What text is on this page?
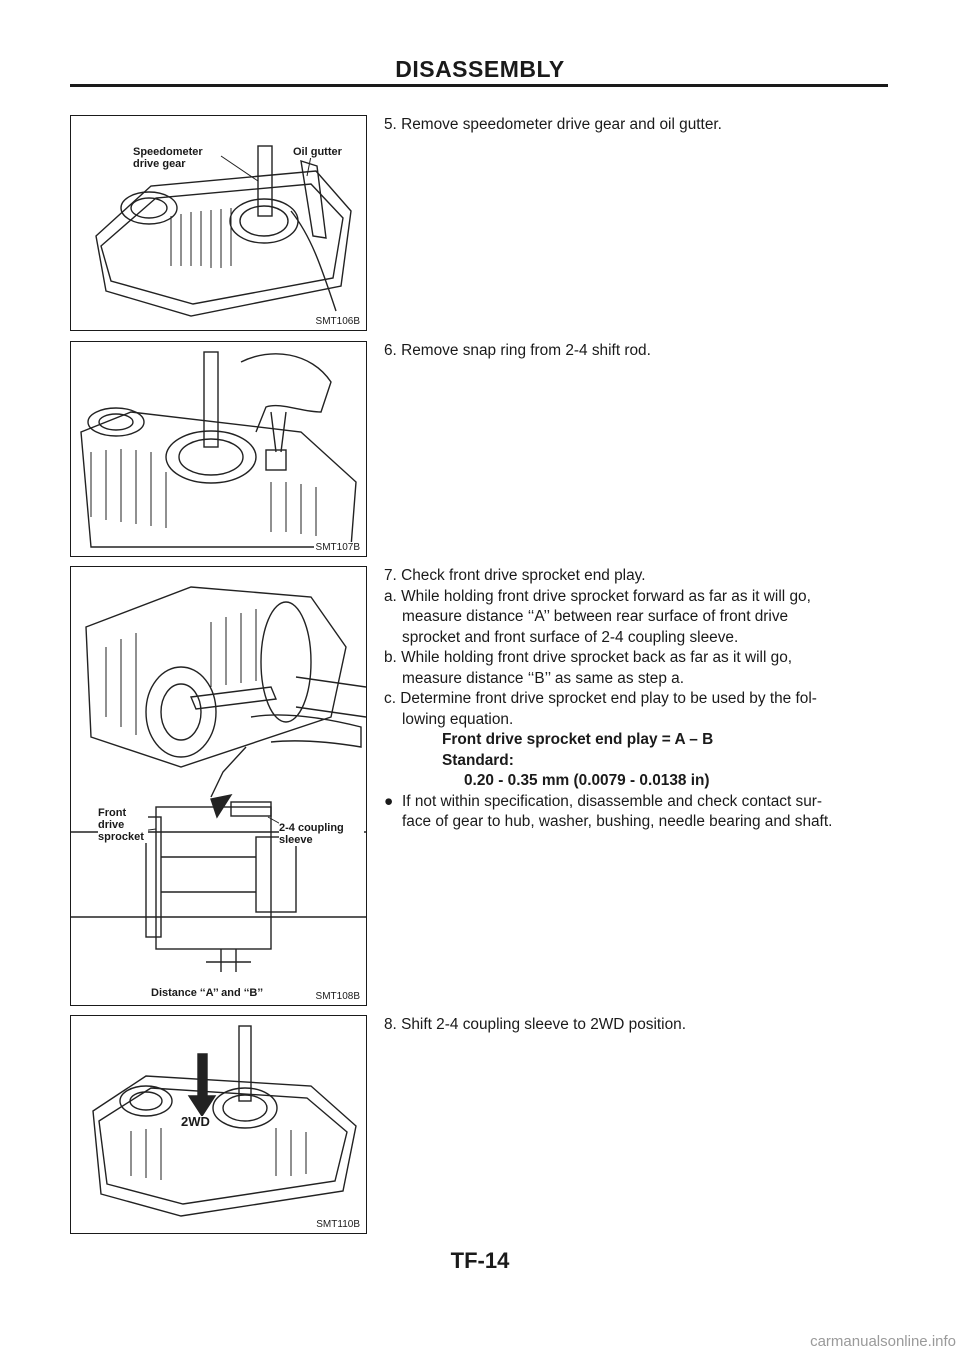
DISASSEMBLY
Speedometer drive gear
Oil gutter
SMT106B
SMT107B
Front drive sprocket
2-4 coupling sleeve
Distance ‘‘A’’ and ‘‘B’’	SMT108B
2WD
SMT110B

5. Remove speedometer drive gear and oil gutter.

6. Remove snap ring from 2-4 shift rod.

7. Check front drive sprocket end play.

a. While holding front drive sprocket forward as far as it will go,

measure distance ‘‘A’’ between rear surface of front drive

sprocket and front surface of 2-4 coupling sleeve.

b. While holding front drive sprocket back as far as it will go,

measure distance ‘‘B’’ as same as step a.

c. Determine front drive sprocket end play to be used by the fol-

lowing equation.

Front drive sprocket end play = A – B

Standard:

0.20 - 0.35 mm (0.0079 - 0.0138 in)

● If not within specification, disassemble and check contact sur-

face of gear to hub, washer, bushing, needle bearing and shaft.

8. Shift 2-4 coupling sleeve to 2WD position.

TF-14
carmanualsonline.info
